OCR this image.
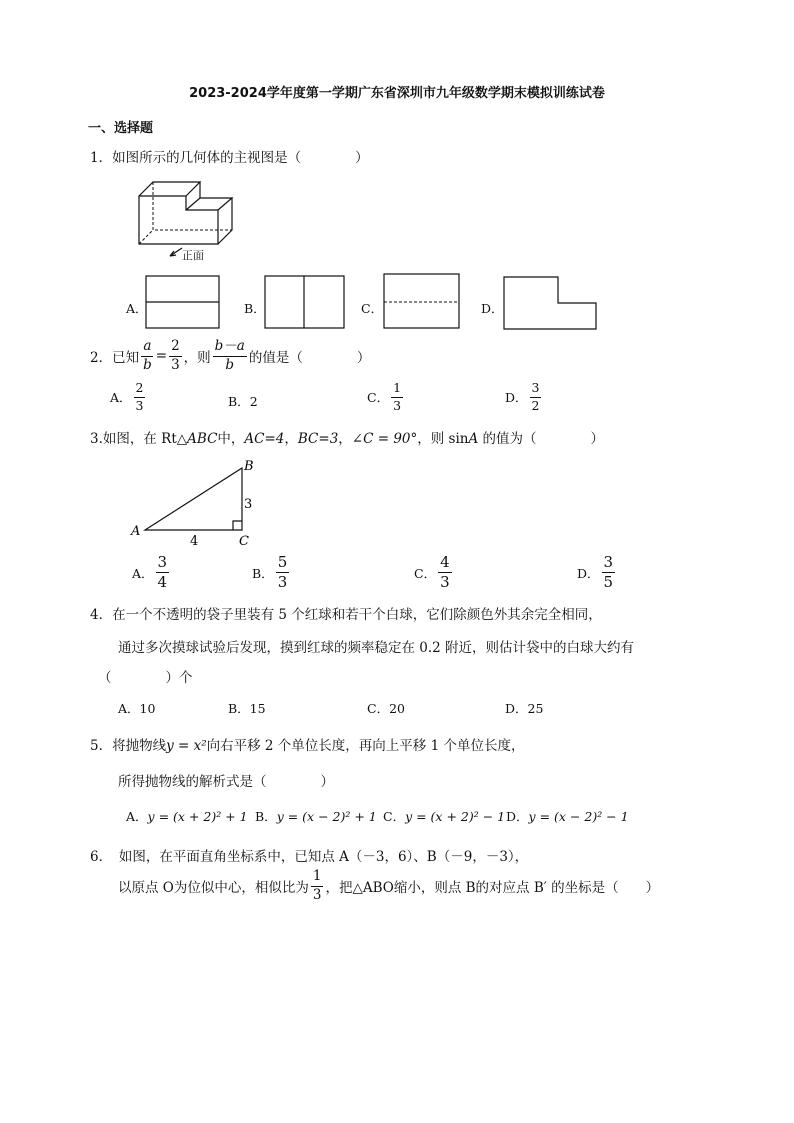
2023-2024学年度第一学期广东省深圳市九年级数学期末模拟训练试卷
一、选择题
1．如图所示的几何体的主视图是（　　　　）
正面
A．	B．	C．	D．
2．已知 $\frac{a}{b} = \frac{2}{3}$ ，则 $\frac{b-a}{b}$ 的值是（　　　　）
A． $\frac{2}{3}$	B．2	C． $\frac{1}{3}$	D． $\frac{3}{2}$
3.如图，在 Rt△ABC中，AC=4，BC=3，∠C = 90°，则 sinA 的值为（　　　　）
A
B
C
3
4
A． $\frac{3}{4}$	B． $\frac{5}{3}$	C． $\frac{4}{3}$	D． $\frac{3}{5}$
4．在一个不透明的袋子里装有 5 个红球和若干个白球，它们除颜色外其余完全相同，
通过多次摸球试验后发现，摸到红球的频率稳定在 0.2 附近，则估计袋中的白球大约有
（　　　　）个
A．10	B．15	C．20	D．25
5．将抛物线y = x²向右平移 2 个单位长度，再向上平移 1 个单位长度，
所得抛物线的解析式是（　　　　）
A．y = (x + 2)² + 1 B．y = (x − 2)² + 1 C．y = (x + 2)² − 1 D．y = (x − 2)² − 1
6．　如图，在平面直角坐标系中，已知点 A（－3，6）、B（－9，－3），
以原点 O为位似中心，相似比为 $\frac{1}{3}$ ，把△ABO缩小，则点 B的对应点 B′ 的坐标是（　　）
